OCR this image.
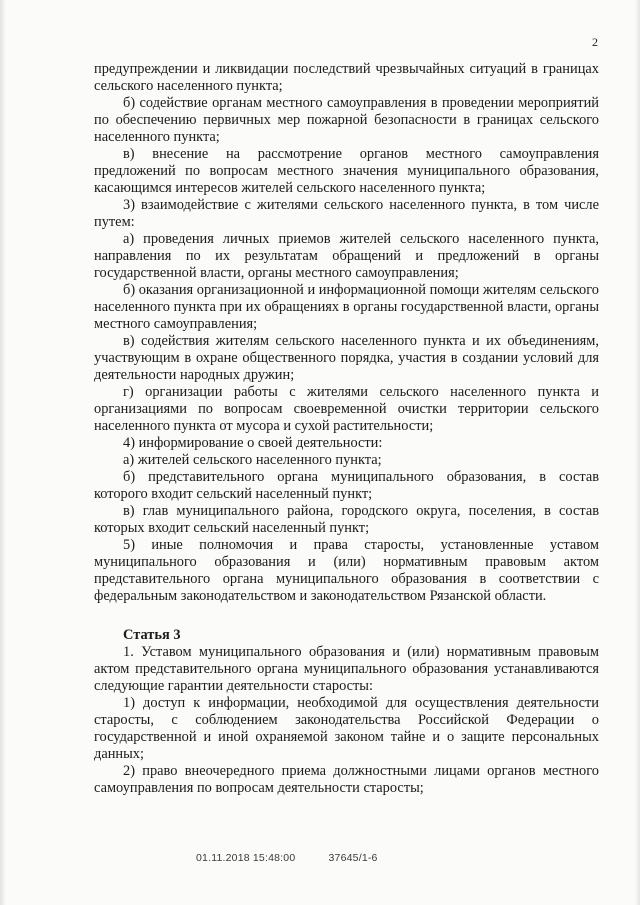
2

предупреждении и ликвидации последствий чрезвычайных ситуаций в границах сельского населенного пункта;

б) содействие органам местного самоуправления в проведении мероприятий по обеспечению первичных мер пожарной безопасности в границах сельского населенного пункта;

в) внесение на рассмотрение органов местного самоуправления предложений по вопросам местного значения муниципального образования, касающимся интересов жителей сельского населенного пункта;

3) взаимодействие с жителями сельского населенного пункта, в том числе путем:

а) проведения личных приемов жителей сельского населенного пункта, направления по их результатам обращений и предложений в органы государственной власти, органы местного самоуправления;

б) оказания организационной и информационной помощи жителям сельского населенного пункта при их обращениях в органы государственной власти, органы местного самоуправления;

в) содействия жителям сельского населенного пункта и их объединениям, участвующим в охране общественного порядка, участия в создании условий для деятельности народных дружин;

г) организации работы с жителями сельского населенного пункта и организациями по вопросам своевременной очистки территории сельского населенного пункта от мусора и сухой растительности;

4) информирование о своей деятельности:

а) жителей сельского населенного пункта;

б) представительного органа муниципального образования, в состав которого входит сельский населенный пункт;

в) глав муниципального района, городского округа, поселения, в состав которых входит сельский населенный пункт;

5) иные полномочия и права старосты, установленные уставом муниципального образования и (или) нормативным правовым актом представительного органа муниципального образования в соответствии с федеральным законодательством и законодательством Рязанской области.

Статья 3

1. Уставом муниципального образования и (или) нормативным правовым актом представительного органа муниципального образования устанавливаются следующие гарантии деятельности старосты:

1) доступ к информации, необходимой для осуществления деятельности старосты, с соблюдением законодательства Российской Федерации о государственной и иной охраняемой законом тайне и о защите персональных данных;

2) право внеочередного приема должностными лицами органов местного самоуправления по вопросам деятельности старосты;

01.11.2018 15:48:00	37645/1-6
